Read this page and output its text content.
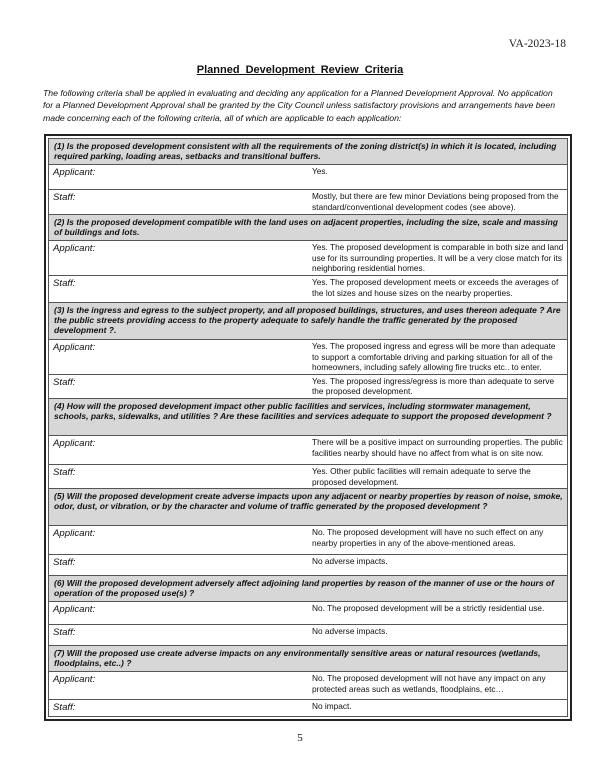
VA-2023-18
Planned Development Review Criteria
The following criteria shall be applied in evaluating and deciding any application for a Planned Development Approval. No application for a Planned Development Approval shall be granted by the City Council unless satisfactory provisions and arrangements have been made concerning each of the following criteria, all of which are applicable to each application:
(1) Is the proposed development consistent with all the requirements of the zoning district(s) in which it is located, including required parking, loading areas, setbacks and transitional buffers.	
Applicant:	Yes.
Staff:	Mostly, but there are few minor Deviations being proposed from the standard/conventional development codes (see above).
(2) Is the proposed development compatible with the land uses on adjacent properties, including the size, scale and massing of buildings and lots.	
Applicant:	Yes. The proposed development is comparable in both size and land use for its surrounding properties. It will be a very close match for its neighboring residential homes.
Staff:	Yes. The proposed development meets or exceeds the averages of the lot sizes and house sizes on the nearby properties.
(3) Is the ingress and egress to the subject property, and all proposed buildings, structures, and uses thereon adequate ? Are the public streets providing access to the property adequate to safely handle the traffic generated by the proposed development ?.	
Applicant:	Yes. The proposed ingress and egress will be more than adequate to support a comfortable driving and parking situation for all of the homeowners, including safely allowing fire trucks etc.. to enter.
Staff:	Yes. The proposed ingress/egress is more than adequate to serve the proposed development.
(4) How will the proposed development impact other public facilities and services, including stormwater management, schools, parks, sidewalks, and utilities ? Are these facilities and services adequate to support the proposed development ?	
Applicant:	There will be a positive impact on surrounding properties. The public facilities nearby should have no affect from what is on site now.
Staff:	Yes. Other public facilities will remain adequate to serve the proposed development.
(5) Will the proposed development create adverse impacts upon any adjacent or nearby properties by reason of noise, smoke, odor, dust, or vibration, or by the character and volume of traffic generated by the proposed development ?	
Applicant:	No. The proposed development will have no such effect on any nearby properties in any of the above-mentioned areas.
Staff:	No adverse impacts.
(6) Will the proposed development adversely affect adjoining land properties by reason of the manner of use or the hours of operation of the proposed use(s) ?	
Applicant:	No. The proposed development will be a strictly residential use.
Staff:	No adverse impacts.
(7) Will the proposed use create adverse impacts on any environmentally sensitive areas or natural resources (wetlands, floodplains, etc..) ?	
Applicant:	No. The proposed development will not have any impact on any protected areas such as wetlands, floodplains, etc…
Staff:	No impact.
5
